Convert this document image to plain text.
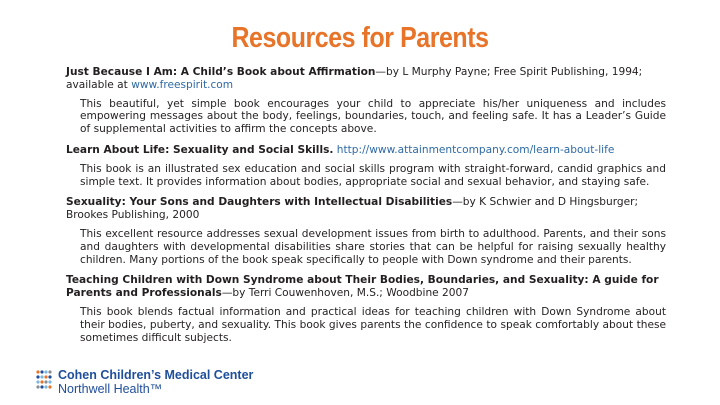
Resources for Parents

Just Because I Am: A Child’s Book about Affirmation—by L Murphy Payne; Free Spirit Publishing, 1994; available at www.freespirit.com

This beautiful, yet simple book encourages your child to appreciate his/her uniqueness and includes empowering messages about the body, feelings, boundaries, touch, and feeling safe. It has a Leader’s Guide of supplemental activities to affirm the concepts above.

Learn About Life: Sexuality and Social Skills. http://www.attainmentcompany.com/learn-about-life

This book is an illustrated sex education and social skills program with straight-forward, candid graphics and simple text. It provides information about bodies, appropriate social and sexual behavior, and staying safe.

Sexuality: Your Sons and Daughters with Intellectual Disabilities—by K Schwier and D Hingsburger; Brookes Publishing, 2000

This excellent resource addresses sexual development issues from birth to adulthood. Parents, and their sons and daughters with developmental disabilities share stories that can be helpful for raising sexually healthy children. Many portions of the book speak specifically to people with Down syndrome and their parents.

Teaching Children with Down Syndrome about Their Bodies, Boundaries, and Sexuality: A guide for Parents and Professionals—by Terri Couwenhoven, M.S.; Woodbine 2007

This book blends factual information and practical ideas for teaching children with Down Syndrome about their bodies, puberty, and sexuality. This book gives parents the confidence to speak comfortably about these sometimes difficult subjects.

Cohen Children’s Medical Center
Northwell Health™
